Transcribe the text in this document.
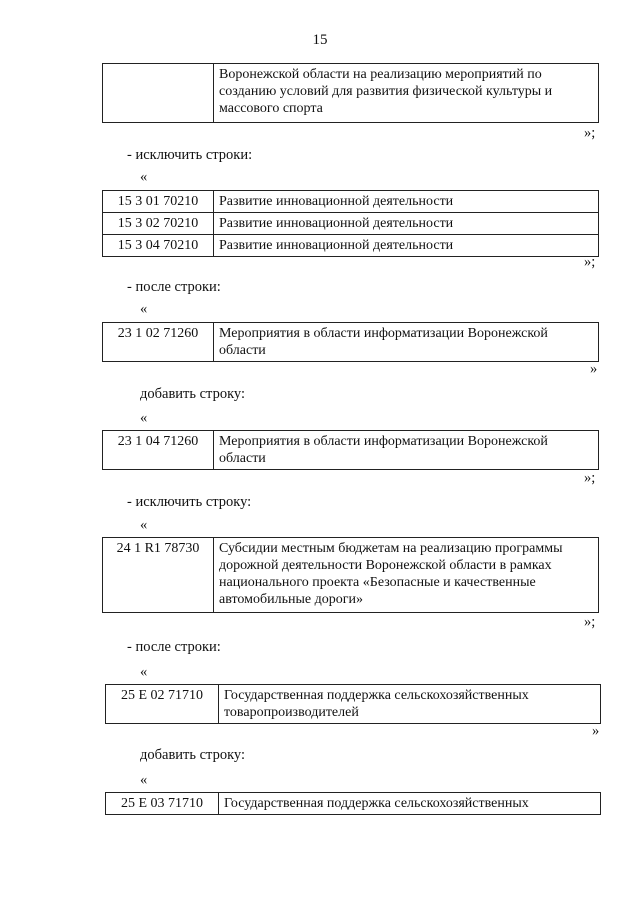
15
	Воронежской области на реализацию мероприятий по созданию условий для развития физической культуры и массового спорта
»;
- исключить строки:
«
15 3 01 70210	Развитие инновационной деятельности
15 3 02 70210	Развитие инновационной деятельности
15 3 04 70210	Развитие инновационной деятельности
»;
- после строки:
«
23 1 02 71260	Мероприятия в области информатизации Воронежской области
»
добавить строку:
«
23 1 04 71260	Мероприятия в области информатизации Воронежской области
»;
- исключить строку:
«
24 1 R1 78730	Субсидии местным бюджетам на реализацию программы дорожной деятельности Воронежской области в рамках национального проекта «Безопасные и качественные автомобильные дороги»
»;
- после строки:
«
25 Е 02 71710	Государственная поддержка сельскохозяйственных товаропроизводителей
»
добавить строку:
«
25 Е 03 71710	Государственная поддержка сельскохозяйственных
